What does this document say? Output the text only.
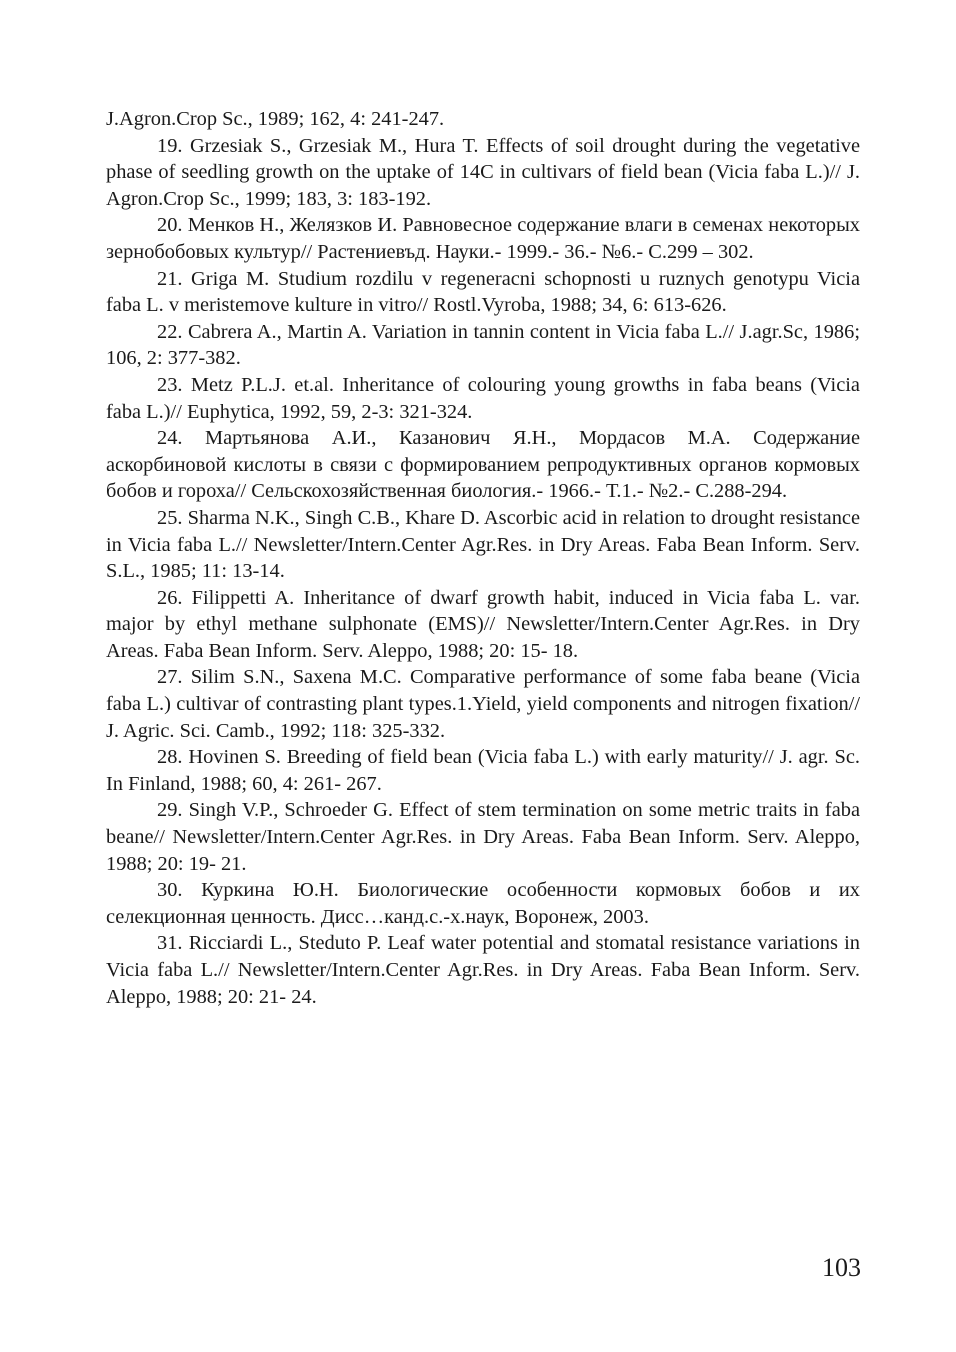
J.Agron.Crop Sc., 1989; 162, 4: 241-247.

19. Grzesiak S., Grzesiak M., Hura T. Effects of soil drought during the vegetative phase of seedling growth on the uptake of 14C in cultivars of field bean (Vicia faba L.)// J. Agron.Crop Sc., 1999; 183, 3: 183-192.

20. Менков Н., Желязков И. Равновесное содержание влаги в семенах некоторых зернобобовых культур// Растениевъд. Науки.- 1999.- 36.- №6.- С.299 – 302.

21. Griga M. Studium rozdilu v regeneracni schopnosti u ruznych genotypu Vicia faba L. v meristemove kulture in vitro// Rostl.Vyroba, 1988; 34, 6: 613-626.

22. Cabrera A., Martin A. Variation in tannin content in Vicia faba L.// J.agr.Sc, 1986; 106, 2: 377-382.

23. Metz P.L.J. et.al. Inheritance of colouring young growths in faba beans (Vicia faba L.)// Euphytica, 1992, 59, 2-3: 321-324.

24. Мартьянова А.И., Казанович Я.Н., Мордасов М.А. Содержание аскорбиновой кислоты в связи с формированием репродуктивных органов кормовых бобов и гороха// Сельскохозяйственная биология.- 1966.- Т.1.- №2.- С.288-294.

25. Sharma N.K., Singh C.B., Khare D. Ascorbic acid in relation to drought resistance in Vicia faba L.// Newsletter/Intern.Center Agr.Res. in Dry Areas. Faba Bean Inform. Serv. S.L., 1985; 11: 13-14.

26. Filippetti A. Inheritance of dwarf growth habit, induced in Vicia faba L. var. major by ethyl methane sulphonate (EMS)// Newsletter/Intern.Center Agr.Res. in Dry Areas. Faba Bean Inform. Serv. Aleppo, 1988; 20: 15- 18.

27. Silim S.N., Saxena M.C. Comparative performance of some faba beane (Vicia faba L.) cultivar of contrasting plant types.1.Yield, yield components and nitrogen fixation// J. Agric. Sci. Camb., 1992; 118: 325-332.

28. Hovinen S. Breeding of field bean (Vicia faba L.) with early maturity// J. agr. Sc. In Finland, 1988; 60, 4: 261- 267.

29. Singh V.P., Schroeder G. Effect of stem termination on some metric traits in faba beane// Newsletter/Intern.Center Agr.Res. in Dry Areas. Faba Bean Inform. Serv. Aleppo, 1988; 20: 19- 21.

30. Куркина Ю.Н. Биологические особенности кормовых бобов и их селекционная ценность. Дисс…канд.с.-х.наук, Воронеж, 2003.

31. Ricciardi L., Steduto P. Leaf water potential and stomatal resistance variations in Vicia faba L.// Newsletter/Intern.Center Agr.Res. in Dry Areas. Faba Bean Inform. Serv. Aleppo, 1988; 20: 21- 24.

103
